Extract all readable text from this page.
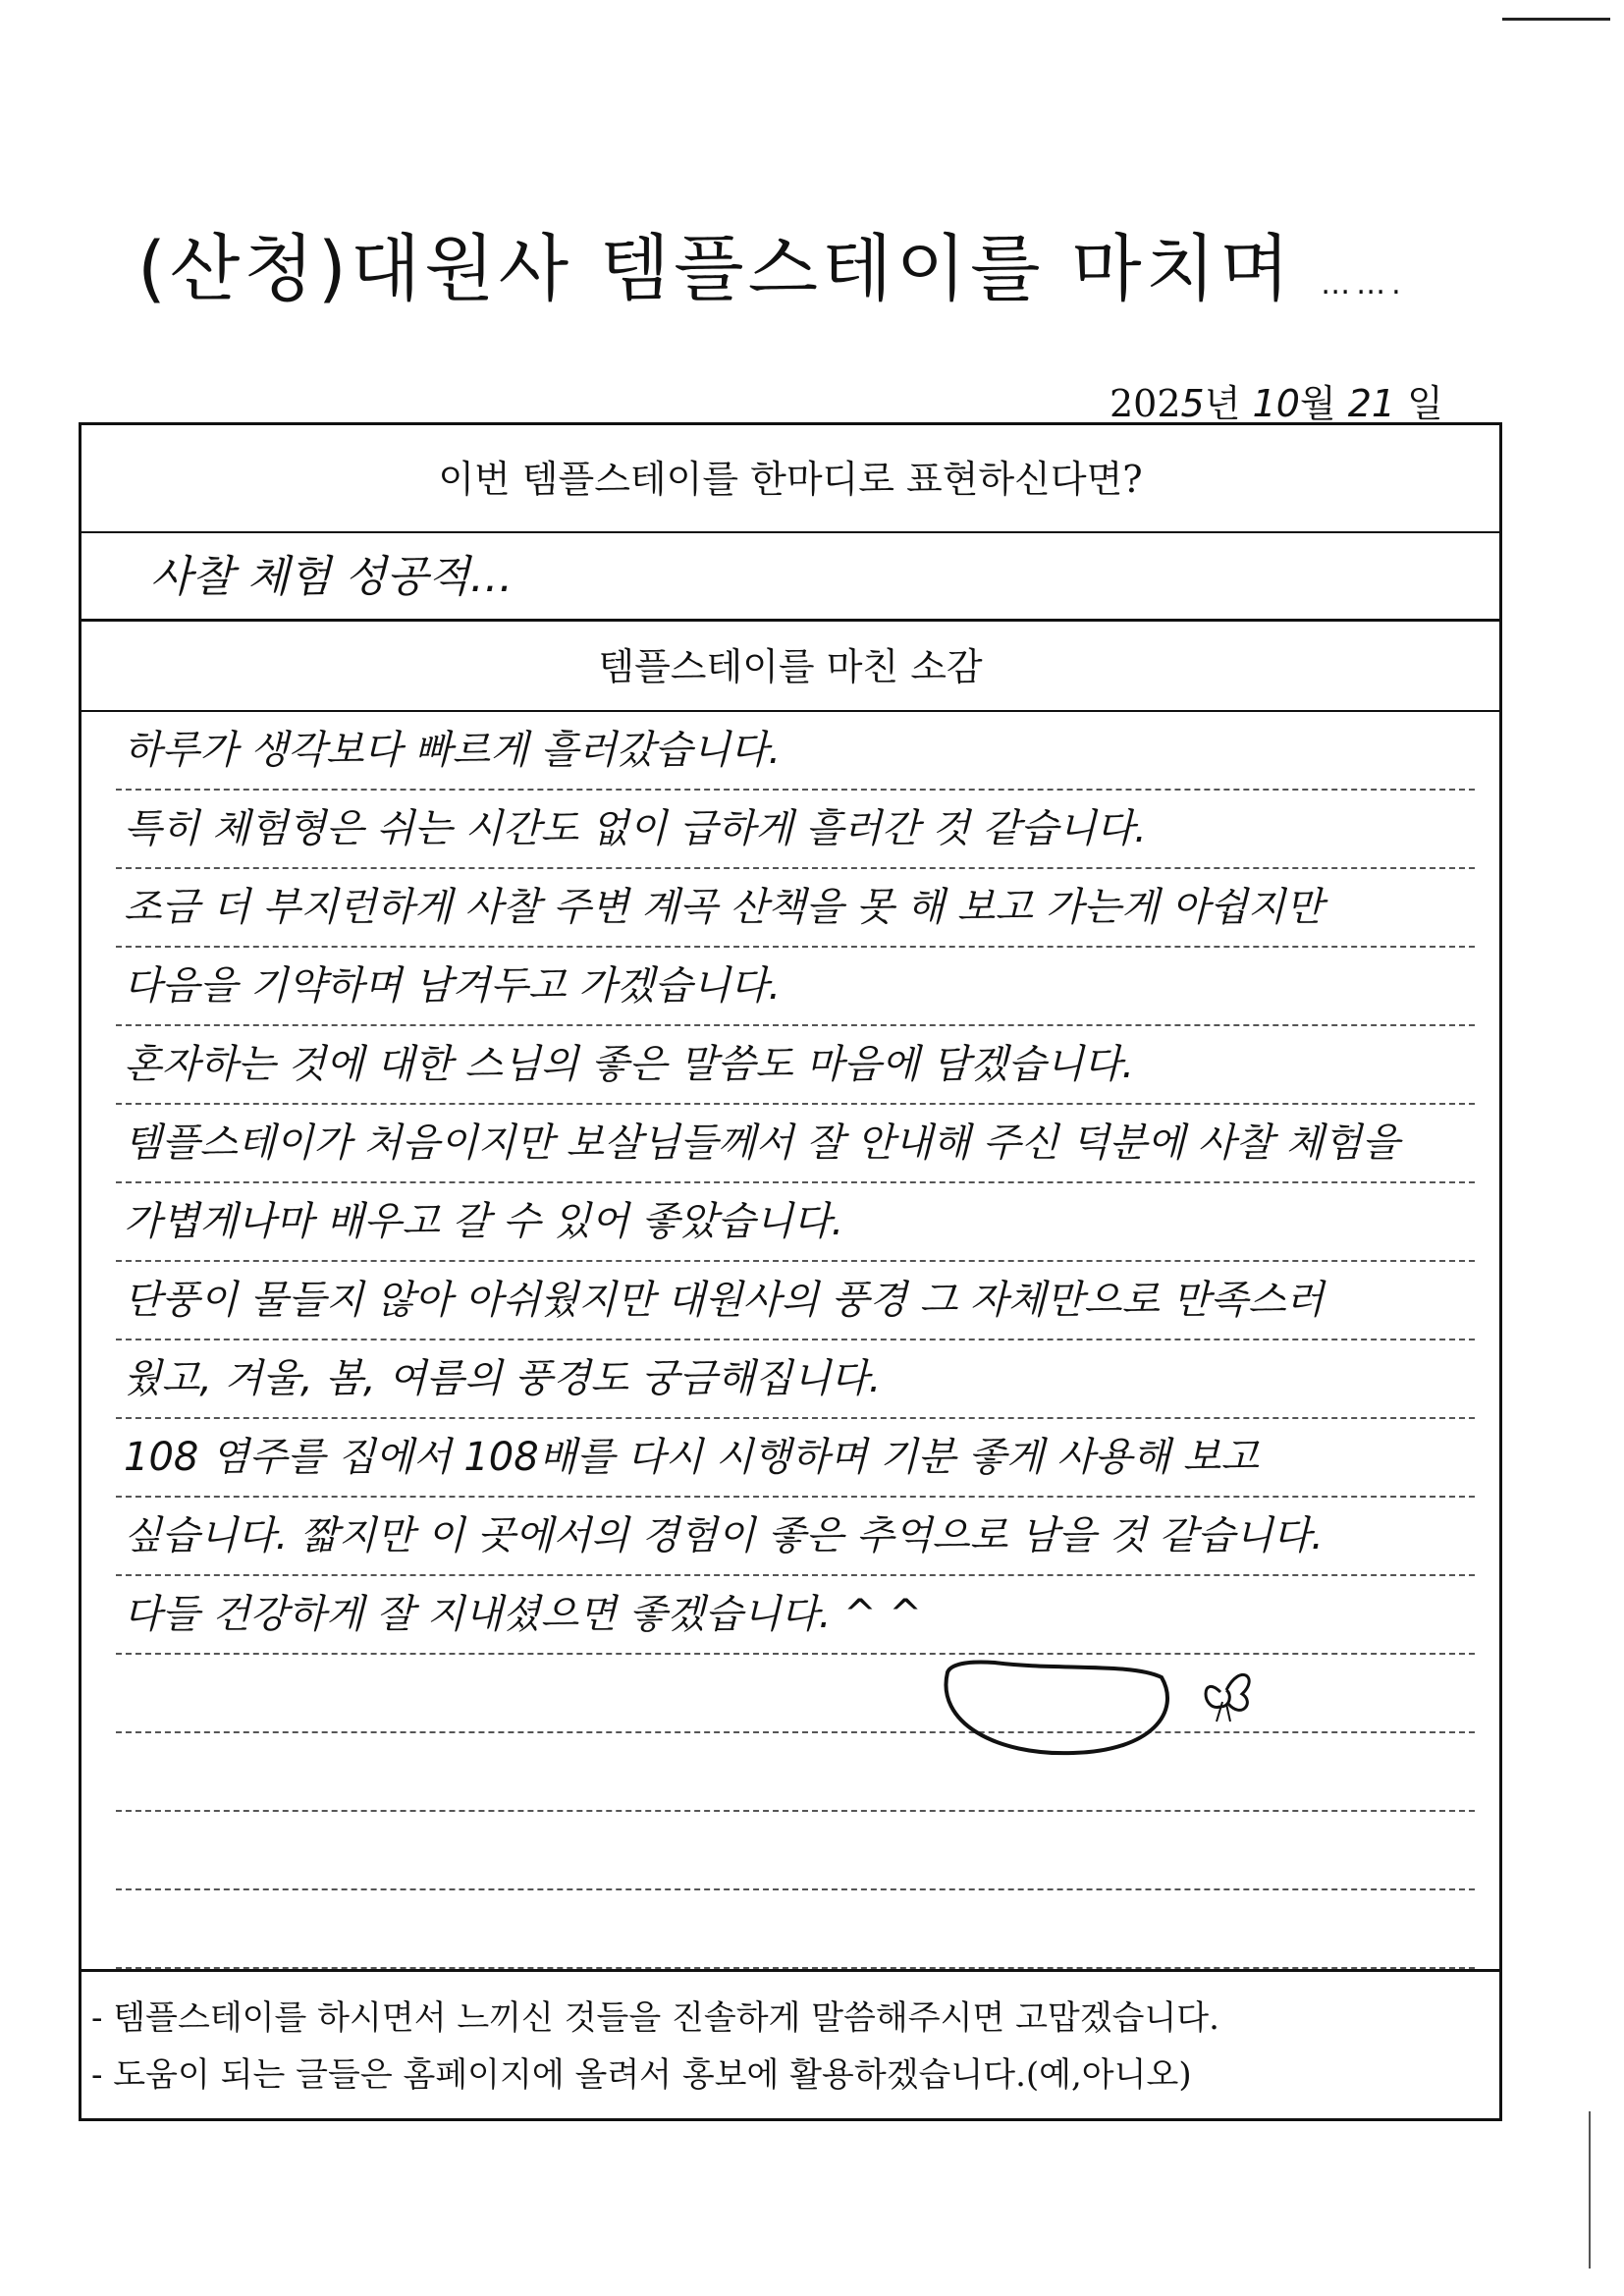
(산청)대원사 템플스테이를 마치며 …….
2025년 10월 21 일
이번 템플스테이를 한마디로 표현하신다면?
사찰 체험 성공적…
템플스테이를 마친 소감
하루가 생각보다 빠르게 흘러갔습니다.
특히 체험형은 쉬는 시간도 없이 급하게 흘러간 것 같습니다.
조금 더 부지런하게 사찰 주변 계곡 산책을 못 해 보고 가는게 아쉽지만
다음을 기약하며 남겨두고 가겠습니다.
혼자하는 것에 대한 스님의 좋은 말씀도 마음에 담겠습니다.
템플스테이가 처음이지만 보살님들께서 잘 안내해 주신 덕분에 사찰 체험을
가볍게나마 배우고 갈 수 있어 좋았습니다.
단풍이 물들지 않아 아쉬웠지만 대원사의 풍경 그 자체만으로 만족스러
웠고, 겨울, 봄, 여름의 풍경도 궁금해집니다.
108 염주를 집에서 108배를 다시 시행하며 기분 좋게 사용해 보고
싶습니다. 짧지만 이 곳에서의 경험이 좋은 추억으로 남을 것 같습니다.
다들 건강하게 잘 지내셨으면 좋겠습니다. ^ ^
- 템플스테이를 하시면서 느끼신 것들을 진솔하게 말씀해주시면 고맙겠습니다.
- 도움이 되는 글들은 홈페이지에 올려서 홍보에 활용하겠습니다.(예,아니오)
